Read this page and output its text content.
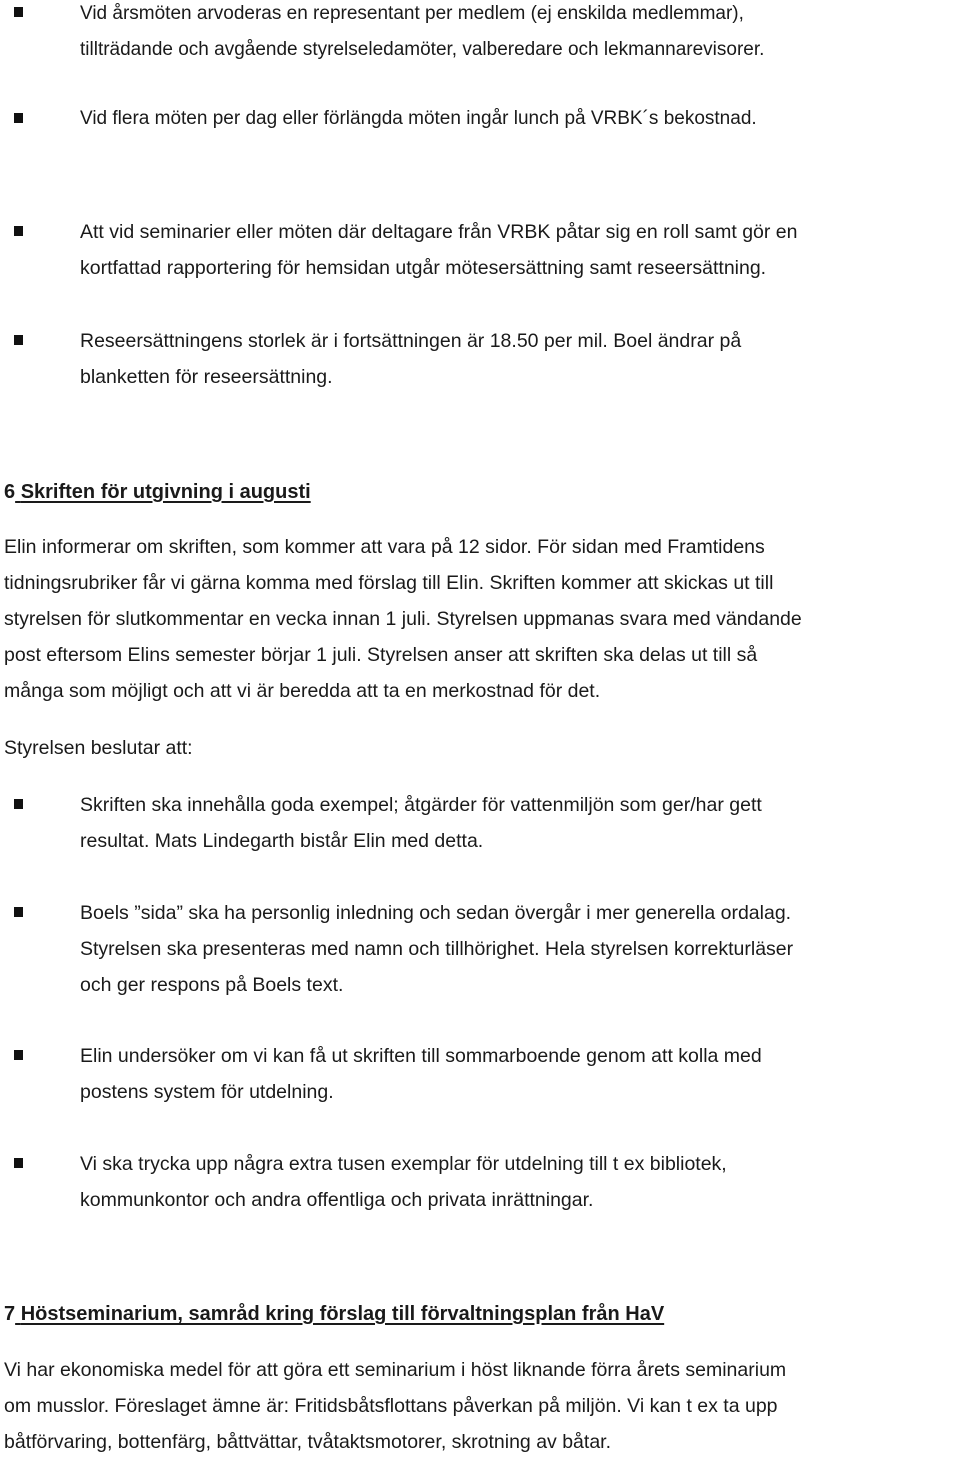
Vid årsmöten arvoderas en representant per medlem (ej enskilda medlemmar),
tillträdande och avgående styrelseledamöter, valberedare och lekmannarevisorer.
Vid flera möten per dag eller förlängda möten ingår lunch på VRBK´s bekostnad.
Att vid seminarier eller möten där deltagare från VRBK påtar sig en roll samt gör en
kortfattad rapportering för hemsidan utgår mötesersättning samt reseersättning.
Reseersättningens storlek är i fortsättningen är 18.50 per mil. Boel ändrar på
blanketten för reseersättning.
6 Skriften för utgivning i augusti
Elin informerar om skriften, som kommer att vara på 12 sidor. För sidan med Framtidens
tidningsrubriker får vi gärna komma med förslag till Elin. Skriften kommer att skickas ut till
styrelsen för slutkommentar en vecka innan 1 juli. Styrelsen uppmanas svara med vändande
post eftersom Elins semester börjar 1 juli. Styrelsen anser att skriften ska delas ut till så
många som möjligt och att vi är beredda att ta en merkostnad för det.
Styrelsen beslutar att:
Skriften ska innehålla goda exempel; åtgärder för vattenmiljön som ger/har gett
resultat. Mats Lindegarth bistår Elin med detta.
Boels ”sida” ska ha personlig inledning och sedan övergår i mer generella ordalag.
Styrelsen ska presenteras med namn och tillhörighet. Hela styrelsen korrekturläser
och ger respons på Boels text.
Elin undersöker om vi kan få ut skriften till sommarboende genom att kolla med
postens system för utdelning.
Vi ska trycka upp några extra tusen exemplar för utdelning till t ex bibliotek,
kommunkontor och andra offentliga och privata inrättningar.
7 Höstseminarium, samråd kring förslag till förvaltningsplan från HaV
Vi har ekonomiska medel för att göra ett seminarium i höst liknande förra årets seminarium
om musslor. Föreslaget ämne är: Fritidsbåtsflottans påverkan på miljön. Vi kan t ex ta upp
båtförvaring, bottenfärg, båttvättar, tvåtaktsmotorer, skrotning av båtar.
